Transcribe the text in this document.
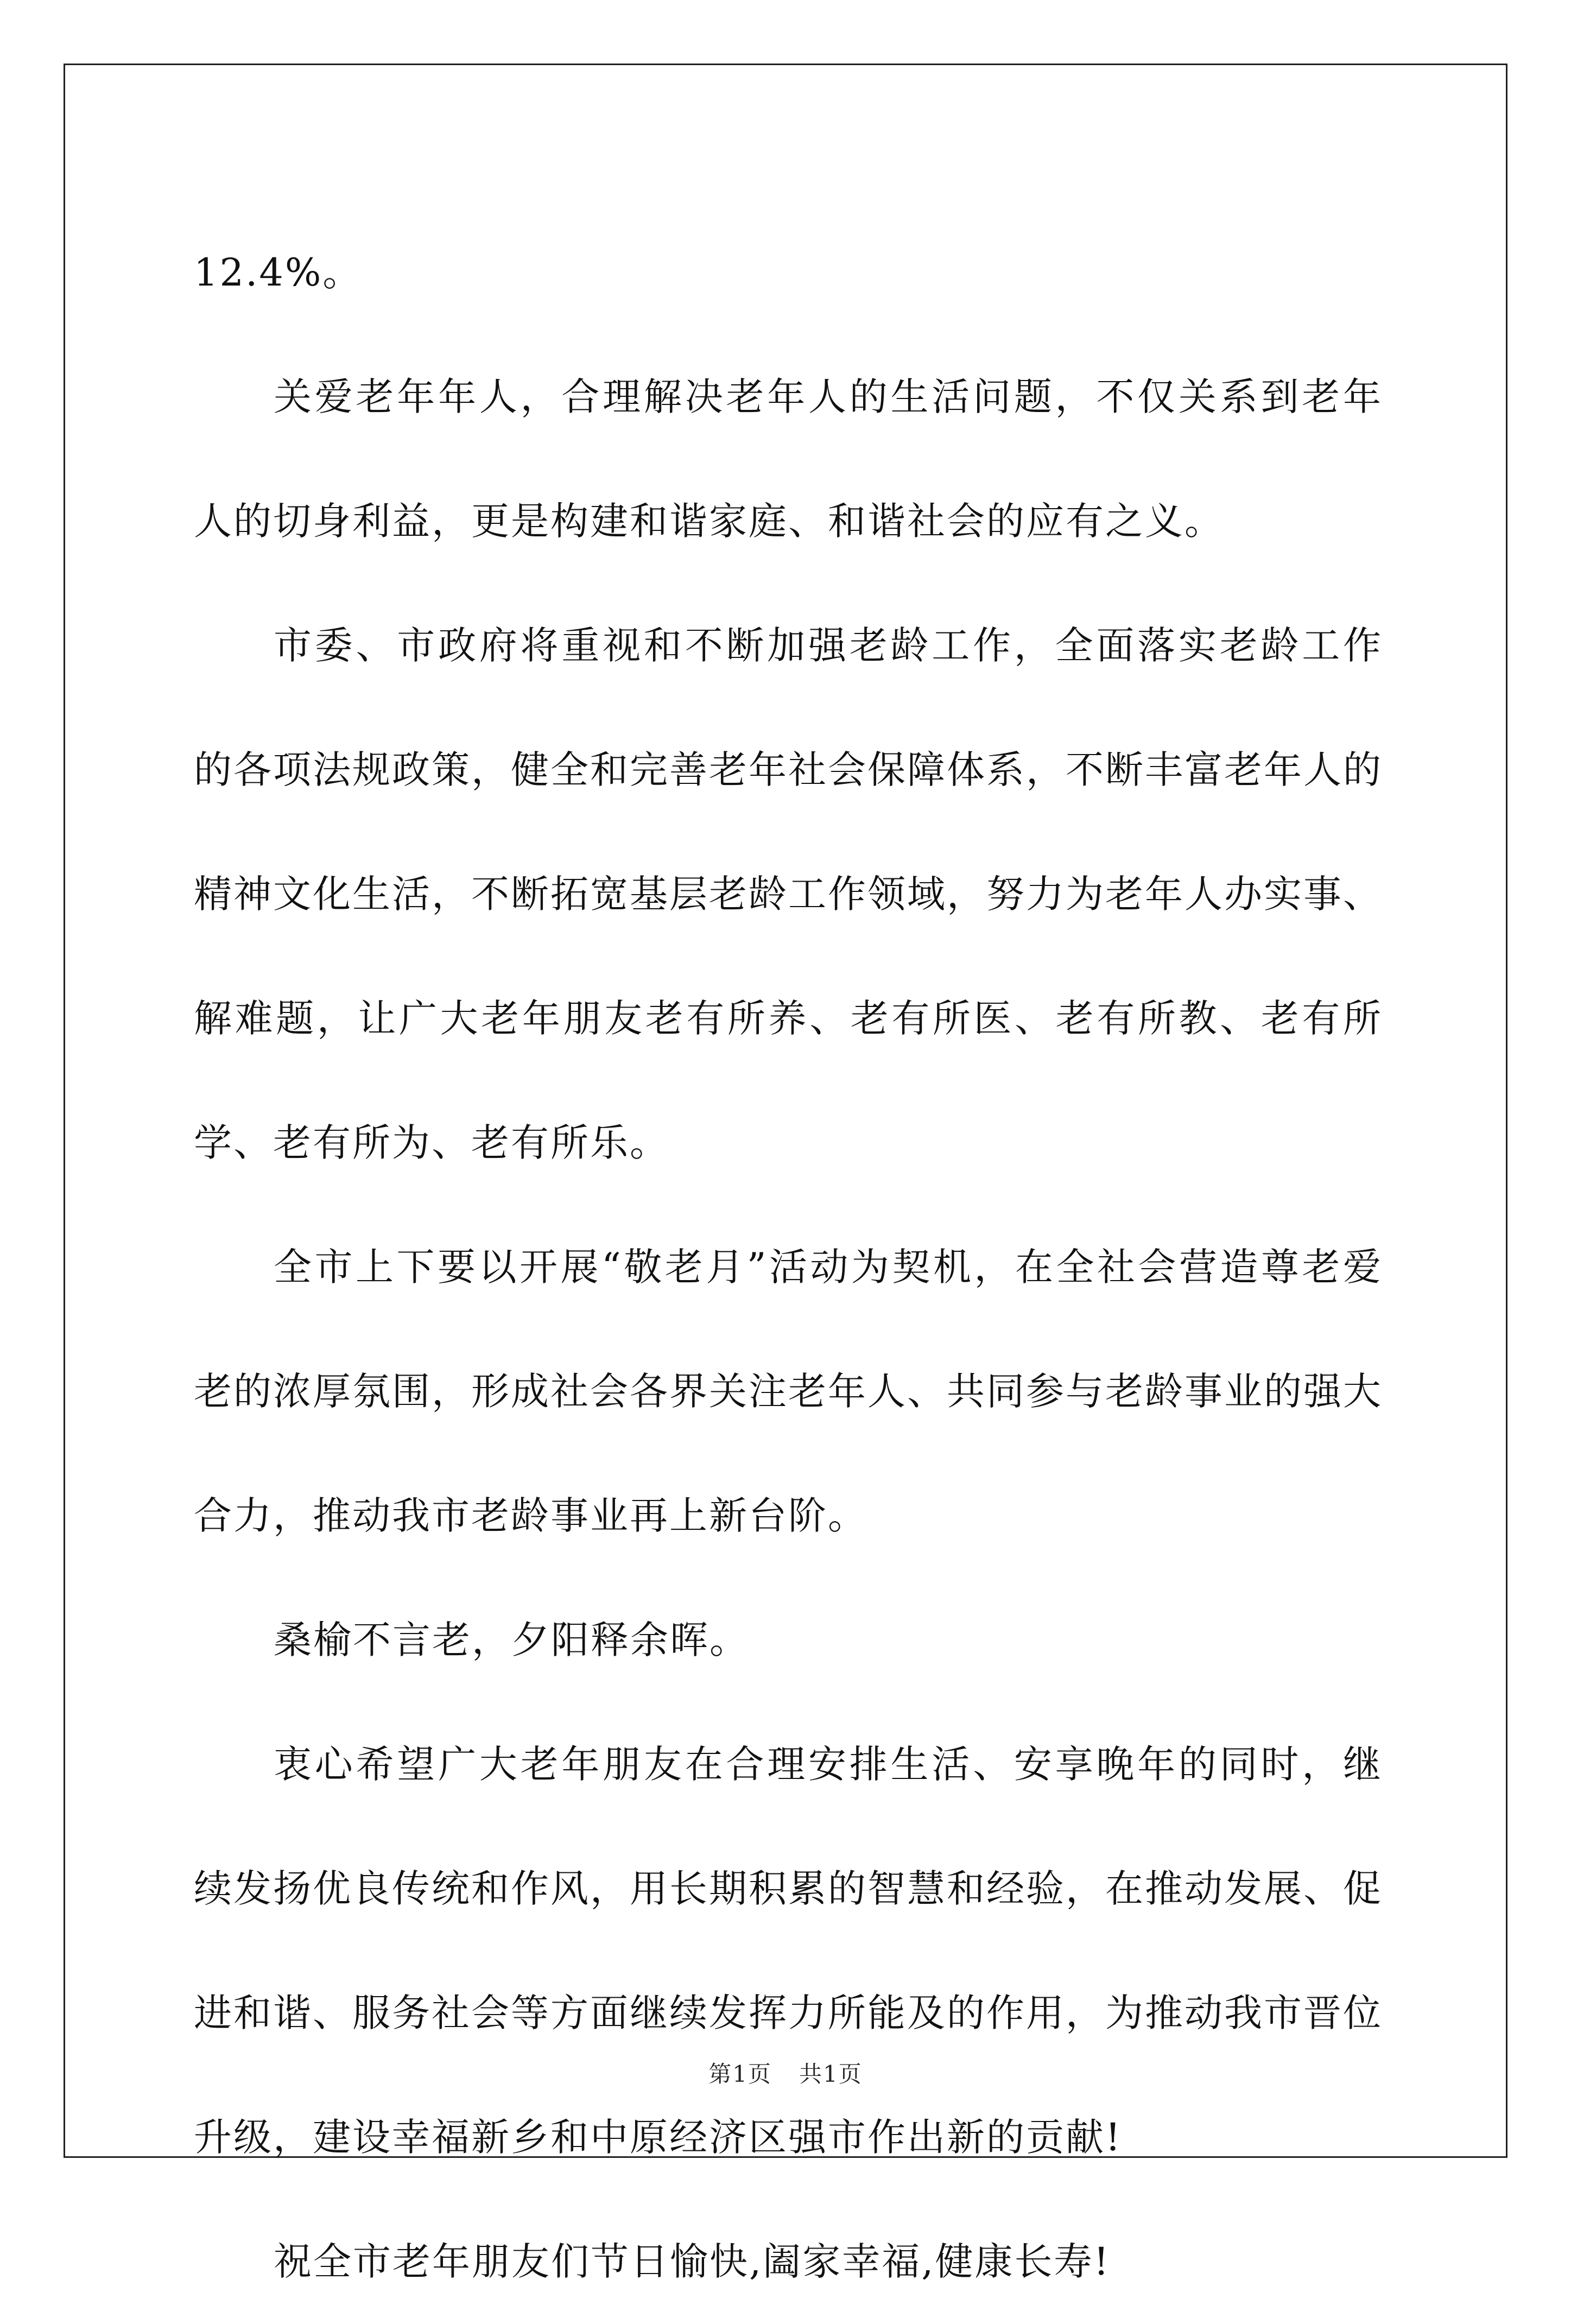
12.4%。

关爱老年年人，合理解决老年人的生活问题，不仅关系到老年人的切身利益，更是构建和谐家庭、和谐社会的应有之义。

市委、市政府将重视和不断加强老龄工作，全面落实老龄工作的各项法规政策，健全和完善老年社会保障体系，不断丰富老年人的精神文化生活，不断拓宽基层老龄工作领域，努力为老年人办实事、解难题，让广大老年朋友老有所养、老有所医、老有所教、老有所学、老有所为、老有所乐。

全市上下要以开展“敬老月”活动为契机，在全社会营造尊老爱老的浓厚氛围，形成社会各界关注老年人、共同参与老龄事业的强大合力，推动我市老龄事业再上新台阶。

桑榆不言老，夕阳释余晖。

衷心希望广大老年朋友在合理安排生活、安享晚年的同时，继续发扬优良传统和作风，用长期积累的智慧和经验，在推动发展、促进和谐、服务社会等方面继续发挥力所能及的作用，为推动我市晋位升级，建设幸福新乡和中原经济区强市作出新的贡献!

祝全市老年朋友们节日愉快,阖家幸福,健康长寿!

第1页 共1页
